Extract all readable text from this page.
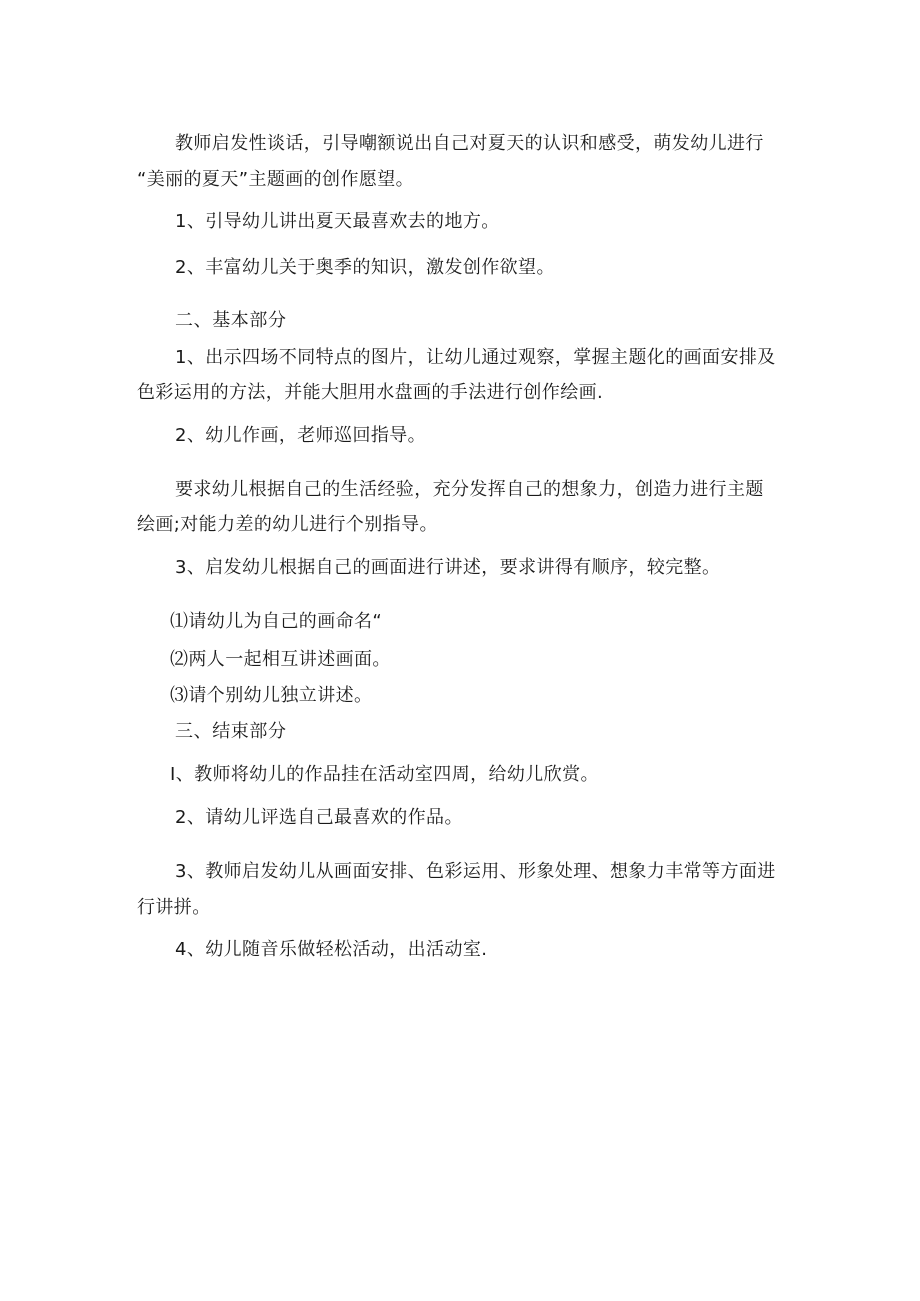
教师启发性谈话，引导嘲额说出自己对夏天的认识和感受，萌发幼儿进行
“美丽的夏天”主题画的创作愿望。
1、引导幼儿讲出夏天最喜欢去的地方。
2、丰富幼儿关于奥季的知识，激发创作欲望。
二、基本部分
1、出示四场不同特点的图片，让幼儿通过观察，掌握主题化的画面安排及
色彩运用的方法，并能大胆用水盘画的手法进行创作绘画.
2、幼儿作画，老师巡回指导。
要求幼儿根据自己的生活经验，充分发挥自己的想象力，创造力进行主题
绘画;对能力差的幼儿进行个别指导。
3、启发幼儿根据自己的画面进行讲述，要求讲得有顺序，较完整。
⑴请幼儿为自己的画命名“
⑵两人一起相互讲述画面。
⑶请个别幼儿独立讲述。
三、结束部分
I、教师将幼儿的作品挂在活动室四周，给幼儿欣赏。
2、请幼儿评选自己最喜欢的作品。
3、教师启发幼儿从画面安排、色彩运用、形象处理、想象力丰常等方面进
行讲拼。
4、幼儿随音乐做轻松活动，出活动室.
